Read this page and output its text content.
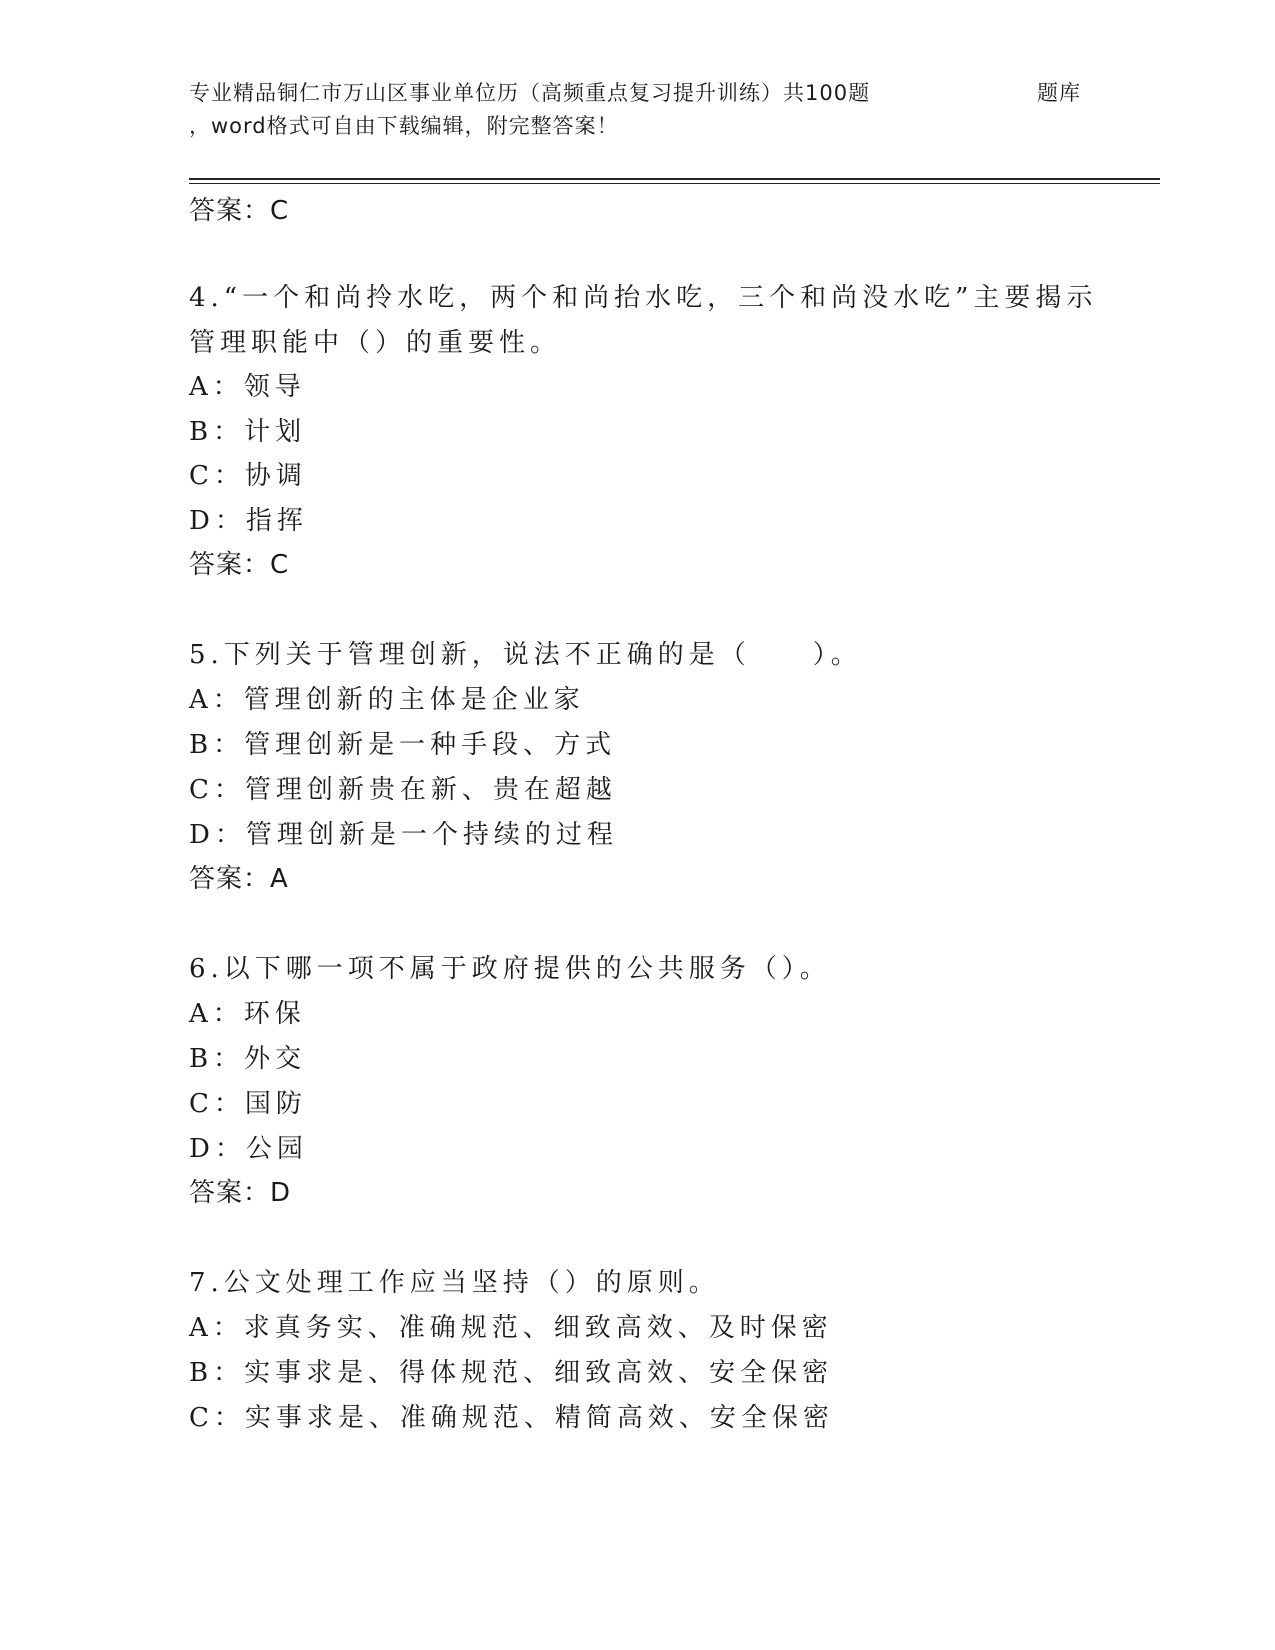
专业精品铜仁市万山区事业单位历（高频重点复习提升训练）共100题	题库
，word格式可自由下载编辑，附完整答案！
答案：C
4.“一个和尚拎水吃，两个和尚抬水吃，三个和尚没水吃”主要揭示
管理职能中（）的重要性。
A：领导
B：计划
C：协调
D：指挥
答案：C
5.下列关于管理创新，说法不正确的是（　　）。
A：管理创新的主体是企业家
B：管理创新是一种手段、方式
C：管理创新贵在新、贵在超越
D：管理创新是一个持续的过程
答案：A
6.以下哪一项不属于政府提供的公共服务（）。
A：环保
B：外交
C：国防
D：公园
答案：D
7.公文处理工作应当坚持（）的原则。
A：求真务实、准确规范、细致高效、及时保密
B：实事求是、得体规范、细致高效、安全保密
C：实事求是、准确规范、精简高效、安全保密
